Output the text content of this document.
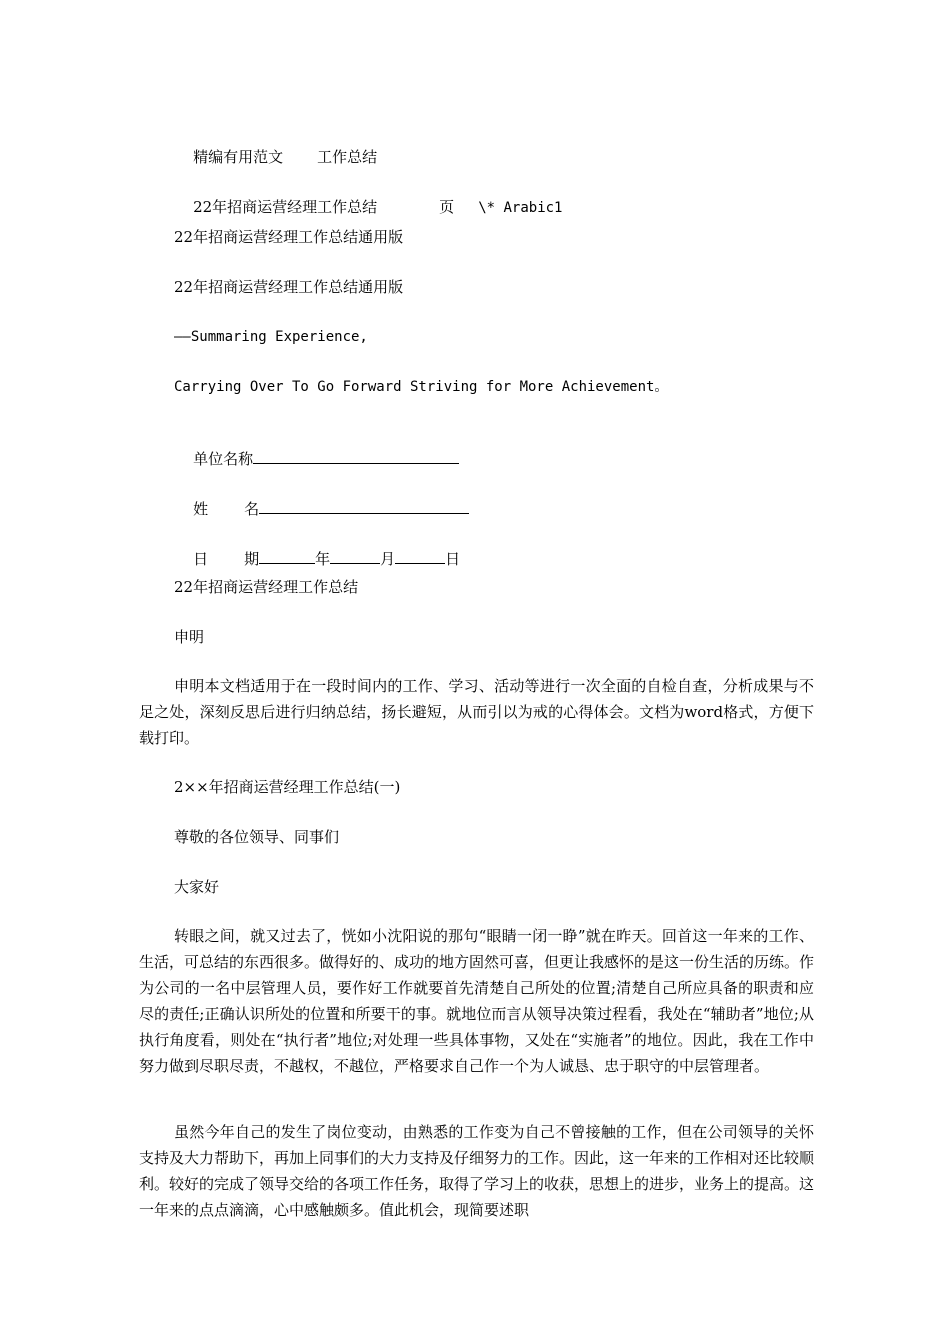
精编有用范文 工作总结

22年招商运营经理工作总结	页 \* Arabic1

22年招商运营经理工作总结通用版
22年招商运营经理工作总结通用版
——Summaring Experience,
Carrying Over To Go Forward Striving for More Achievement。

单位名称

姓 名

日 期	年	月	日

22年招商运营经理工作总结
申明

申明本文档适用于在一段时间内的工作、学习、活动等进行一次全面的自检自查，分析成果与不足之处，深刻反思后进行归纳总结，扬长避短，从而引以为戒的心得体会。文档为word格式，方便下载打印。

2××年招商运营经理工作总结(一)
尊敬的各位领导、同事们
大家好

转眼之间，就又过去了，恍如小沈阳说的那句“眼睛一闭一睁”就在昨天。回首这一年来的工作、生活，可总结的东西很多。做得好的、成功的地方固然可喜，但更让我感怀的是这一份生活的历练。作为公司的一名中层管理人员，要作好工作就要首先清楚自己所处的位置;清楚自己所应具备的职责和应尽的责任;正确认识所处的位置和所要干的事。就地位而言从领导决策过程看，我处在“辅助者”地位;从执行角度看，则处在“执行者”地位;对处理一些具体事物，又处在“实施者”的地位。因此，我在工作中努力做到尽职尽责，不越权，不越位，严格要求自己作一个为人诚恳、忠于职守的中层管理者。

虽然今年自己的发生了岗位变动，由熟悉的工作变为自己不曾接触的工作，但在公司领导的关怀支持及大力帮助下，再加上同事们的大力支持及仔细努力的工作。因此，这一年来的工作相对还比较顺利。较好的完成了领导交给的各项工作任务，取得了学习上的收获，思想上的进步，业务上的提高。这一年来的点点滴滴，心中感触颇多。值此机会，现简要述职
